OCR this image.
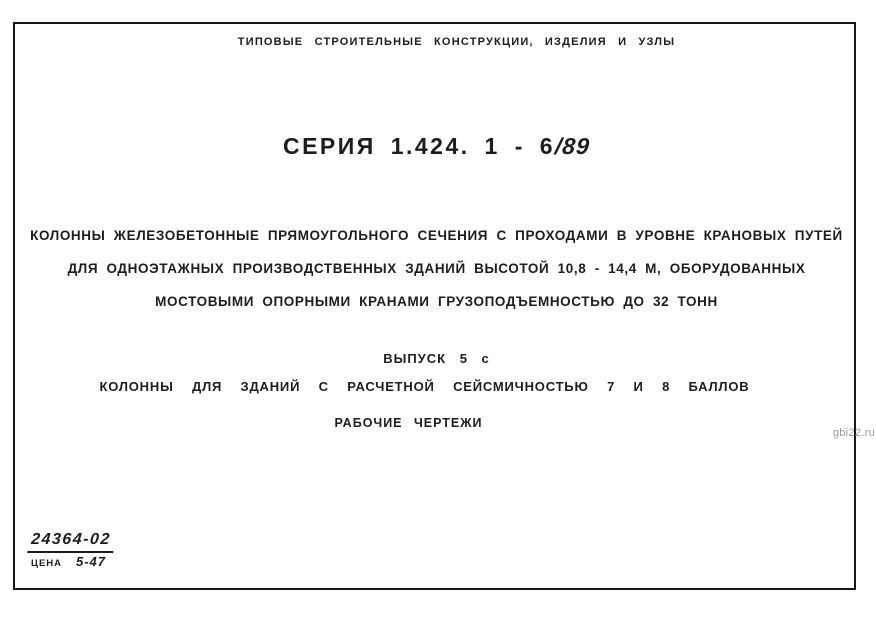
ТИПОВЫЕ СТРОИТЕЛЬНЫЕ КОНСТРУКЦИИ, ИЗДЕЛИЯ И УЗЛЫ
СЕРИЯ 1.424. 1 - 6/89
КОЛОННЫ ЖЕЛЕЗОБЕТОННЫЕ ПРЯМОУГОЛЬНОГО СЕЧЕНИЯ С ПРОХОДАМИ В УРОВНЕ КРАНОВЫХ ПУТЕЙ
ДЛЯ ОДНОЭТАЖНЫХ ПРОИЗВОДСТВЕННЫХ ЗДАНИЙ ВЫСОТОЙ 10,8 - 14,4 М, ОБОРУДОВАННЫХ
МОСТОВЫМИ ОПОРНЫМИ КРАНАМИ ГРУЗОПОДЪЕМНОСТЬЮ ДО 32 ТОНН
ВЫПУСК 5 с
КОЛОННЫ ДЛЯ ЗДАНИЙ С РАСЧЕТНОЙ СЕЙСМИЧНОСТЬЮ 7 И 8 БАЛЛОВ
РАБОЧИЕ ЧЕРТЕЖИ
24364-02
ЦЕНА 5-47
gbi22.ru
